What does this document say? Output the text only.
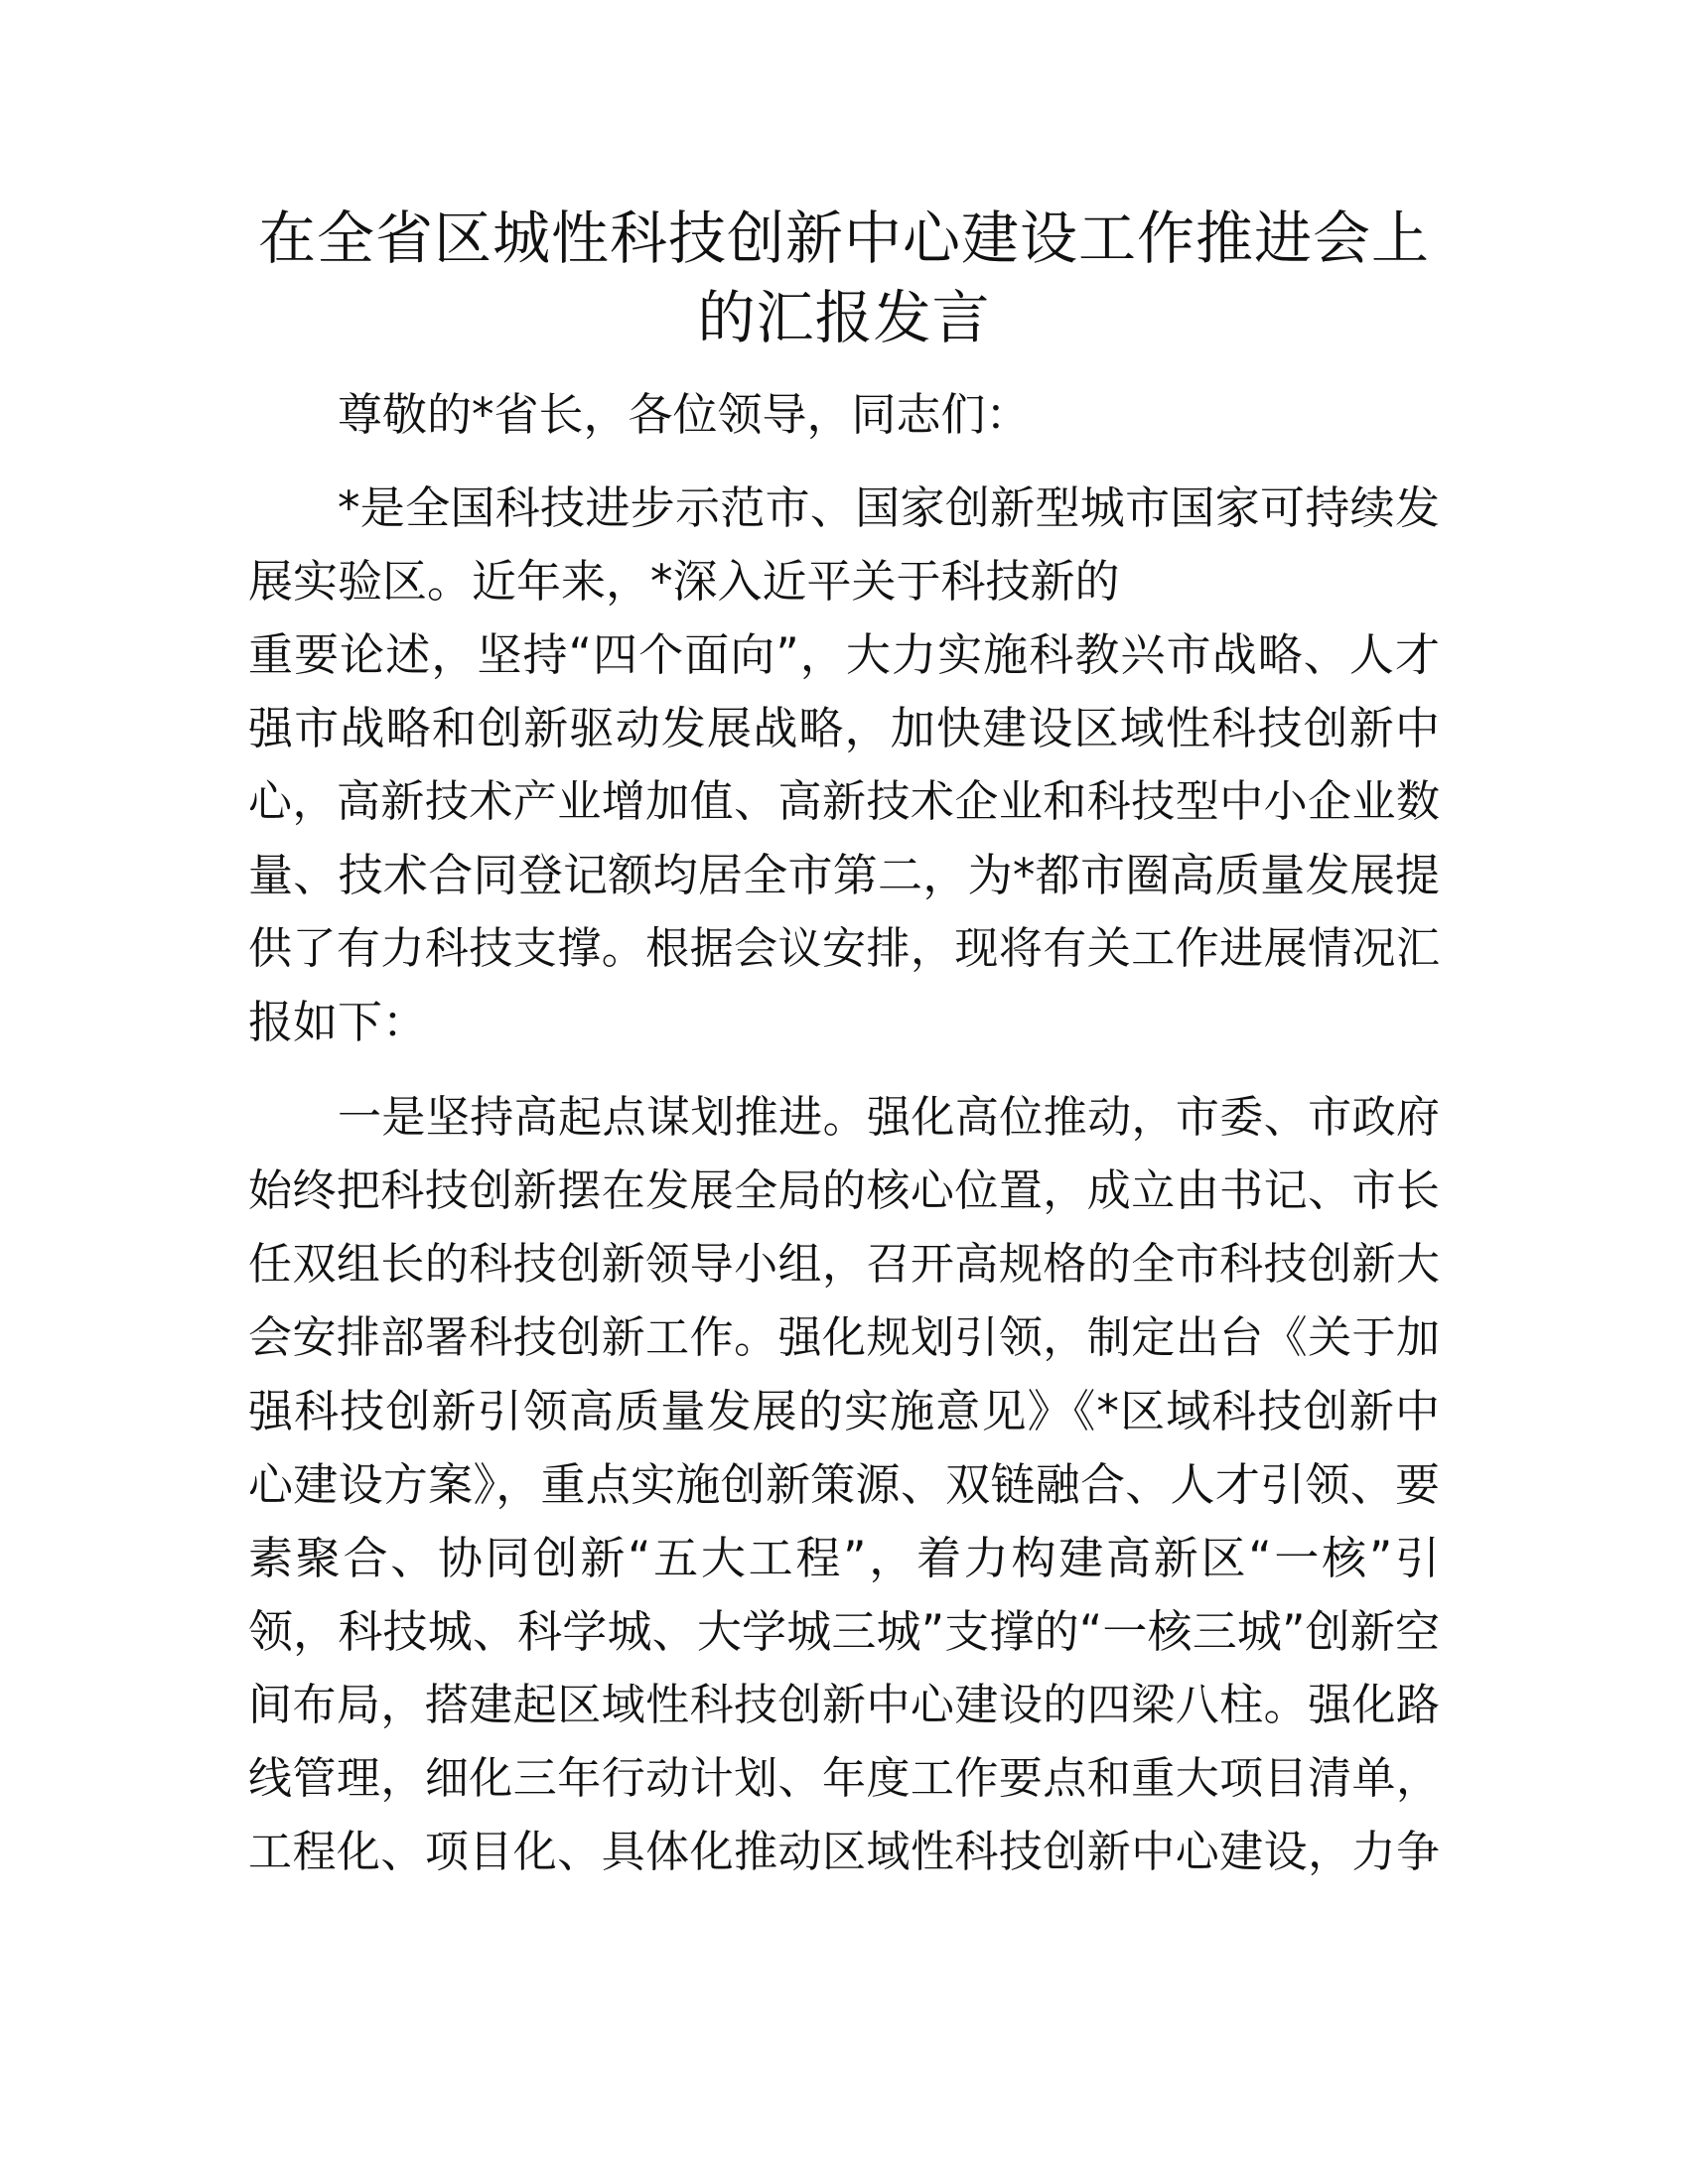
在全省区城性科技创新中心建设工作推进会上
的汇报发言
尊敬的*省长，各位领导，同志们：
*是全国科技进步示范市、国家创新型城市国家可持续发
展实验区。近年来，*深入近平关于科技新的
重要论述，坚持“四个面向”，大力实施科教兴市战略、人才
强市战略和创新驱动发展战略，加快建设区域性科技创新中
心，高新技术产业增加值、高新技术企业和科技型中小企业数
量、技术合同登记额均居全市第二，为*都市圈高质量发展提
供了有力科技支撑。根据会议安排，现将有关工作进展情况汇
报如下：
一是坚持高起点谋划推进。强化高位推动，市委、市政府
始终把科技创新摆在发展全局的核心位置，成立由书记、市长
任双组长的科技创新领导小组，召开高规格的全市科技创新大
会安排部署科技创新工作。强化规划引领，制定出台《关于加
强科技创新引领高质量发展的实施意见》《*区域科技创新中
心建设方案》，重点实施创新策源、双链融合、人才引领、要
素聚合、协同创新“五大工程”，着力构建高新区“一核”引
领，科技城、科学城、大学城三城”支撑的“一核三城”创新空
间布局，搭建起区域性科技创新中心建设的四梁八柱。强化路
线管理，细化三年行动计划、年度工作要点和重大项目清单，
工程化、项目化、具体化推动区域性科技创新中心建设，力争
